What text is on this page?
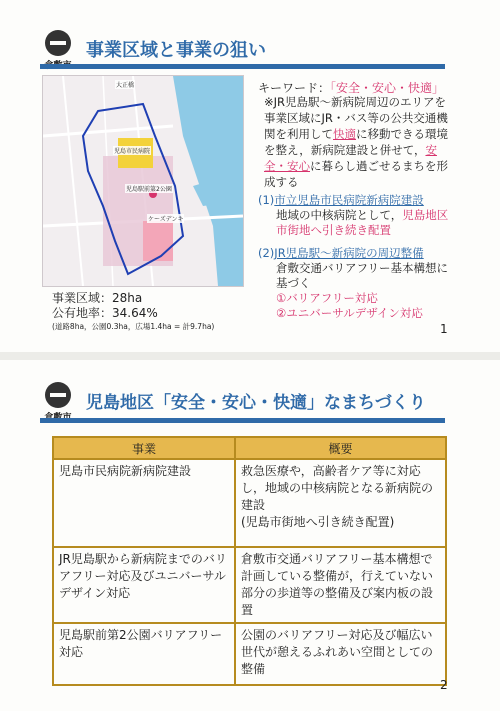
事業区域と事業の狙い
大正橋
児島市民病院
児島駅前第2公園
ケーズデンキ
事業区域：28ha
公有地率：34.64%
(道路8ha，公園0.3ha，広場1.4ha = 計9.7ha)
キーワード：「安全・安心・快適」
※JR児島駅～新病院周辺のエリアを事業区域にJR・バス等の公共交通機関を利用して快適に移動できる環境を整え，新病院建設と併せて，安全・安心に暮らし過ごせるまちを形成する
(1)市立児島市民病院新病院建設
地域の中核病院として，児島地区市街地へ引き続き配置
(2)JR児島駅～新病院の周辺整備
倉敷交通バリアフリー基本構想に基づく
①バリアフリー対応
②ユニバーサルデザイン対応
1
児島地区「安全・安心・快適」なまちづくり
事業	概要
児島市民病院新病院建設	救急医療や，高齢者ケア等に対応し，地域の中核病院となる新病院の建設
(児島市街地へ引き続き配置)
JR児島駅から新病院までのバリアフリー対応及びユニバーサルデザイン対応	倉敷市交通バリアフリー基本構想で計画している整備が，行えていない部分の歩道等の整備及び案内板の設置
児島駅前第2公園バリアフリー対応	公園のバリアフリー対応及び幅広い世代が憩えるふれあい空間としての整備
2
